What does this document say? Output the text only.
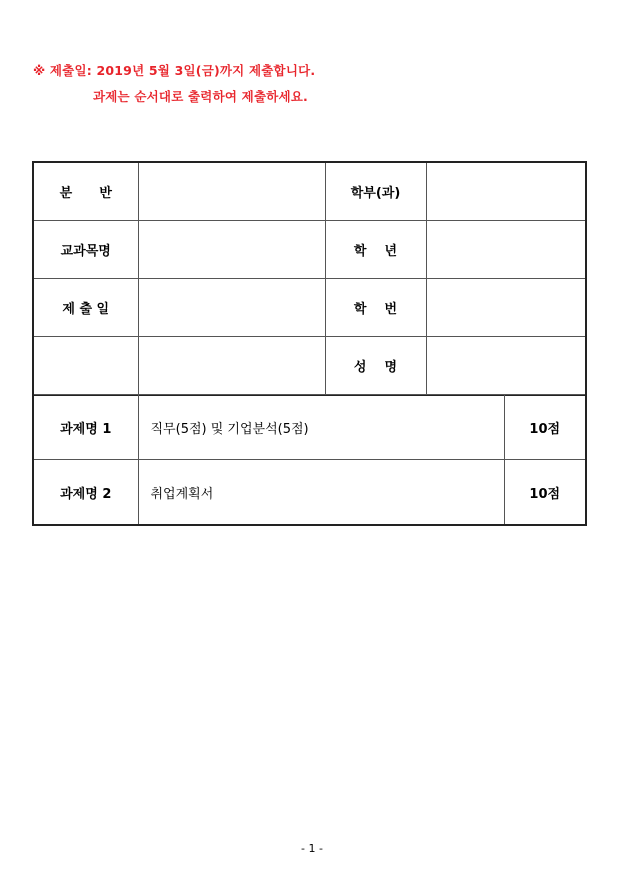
※ 제출일: 2019년 5월 3일(금)까지 제출합니다.
과제는 순서대로 출력하여 제출하세요.
분      반		학부(과)	
교과목명		학    년	
제 출 일		학    번	
		성    명	
과제명 1	직무(5점) 및 기업분석(5점)	10점
과제명 2	취업계획서	10점
- 1 -
